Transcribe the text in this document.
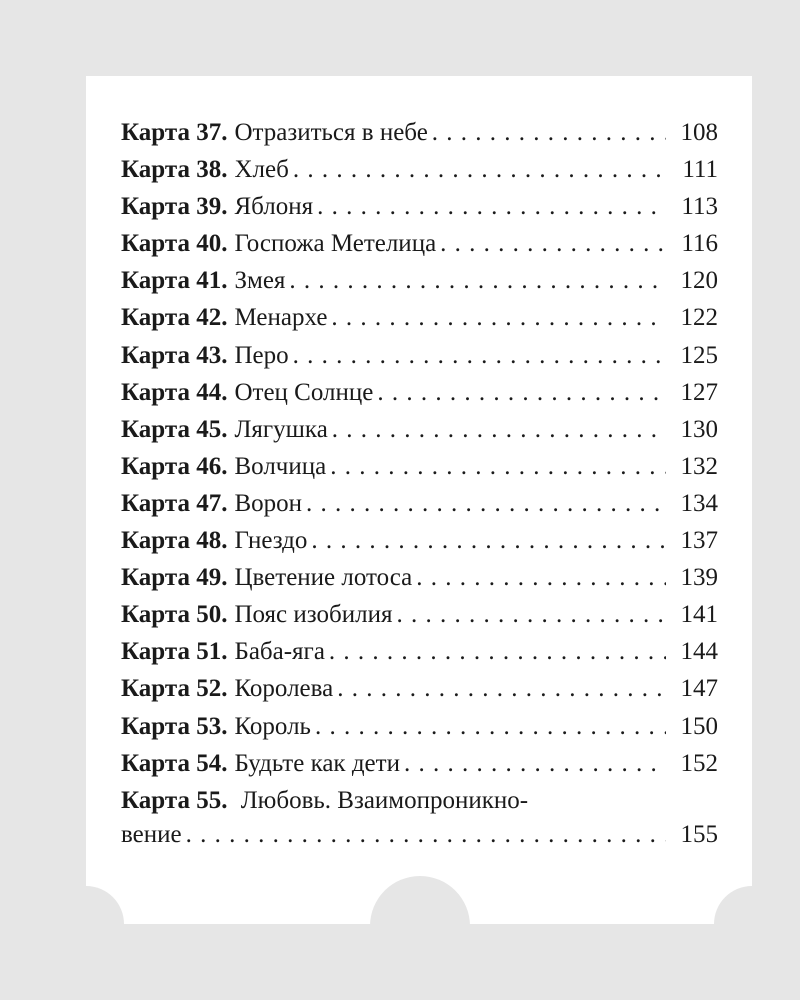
Карта 37. Отразиться в небе . . .	108
Карта 38. Хлеб . . .	111
Карта 39. Яблоня . . .	113
Карта 40. Госпожа Метелица . . .	116
Карта 41. Змея . . .	120
Карта 42. Менархе . . .	122
Карта 43. Перо . . .	125
Карта 44. Отец Солнце . . .	127
Карта 45. Лягушка . . .	130
Карта 46. Волчица . . .	132
Карта 47. Ворон . . .	134
Карта 48. Гнездо . . .	137
Карта 49. Цветение лотоса . . .	139
Карта 50. Пояс изобилия . . .	141
Карта 51. Баба-яга . . .	144
Карта 52. Королева . . .	147
Карта 53. Король . . .	150
Карта 54. Будьте как дети . . .	152
Карта 55. Любовь. Взаимопроникно-
вение . . .	155
